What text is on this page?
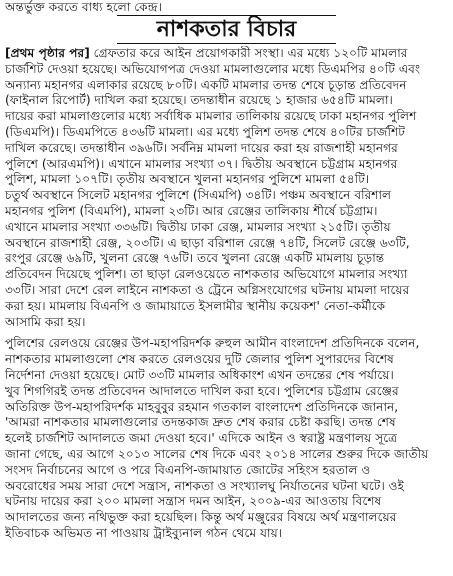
অন্তর্ভুক্ত করতে বাধ্য হলো কেন্দ্র।
নাশকতার বিচার
[প্রথম পৃষ্ঠার পর] গ্রেফতার করে আইন প্রয়োগকারী সংস্থা। এর মধ্যে ১২০টি মামলার
চার্জশিট দেওয়া হয়েছে। অভিযোগপত্র দেওয়া মামলাগুলোর মধ্যে ডিএমপির ৪০টি এবং
অন্যান্য মহানগর এলাকার রয়েছে ৮০টি। একটি মামলার তদন্ত শেষে চূড়ান্ত প্রতিবেদন
(ফাইনাল রিপোর্ট) দাখিল করা হয়েছে। তদন্তাধীন রয়েছে ১ হাজার ৬৫৪টি মামলা।
দায়ের করা মামলাগুলোর মধ্যে সর্বাধিক মামলার তালিকায় রয়েছে ঢাকা মহানগর পুলিশ
(ডিএমপি)। ডিএমপিতে ৪৩৬টি মামলা। এর মধ্যে পুলিশ তদন্ত শেষে ৪০টির চার্জশিট
দাখিল করেছে। তদন্তাধীন ৩৯৬টি। সর্বনিম্ন মামলা দায়ের করা হয় রাজশাহী মহানগর
পুলিশে (আরএমপি)। এখানে মামলার সংখ্যা ৩৭। দ্বিতীয় অবস্থানে চট্টগ্রাম মহানগর
পুলিশ, মামলা ১০৭টি। তৃতীয় অবস্থানে খুলনা মহানগর পুলিশে মামলা ৫৪টি।
চতুর্থ অবস্থানে সিলেট মহানগর পুলিশে (সিএমপি) ৩৪টি। পঞ্চম অবস্থানে বরিশাল
মহানগর পুলিশ (বিএমপি), মামলা ২৩টি। আর রেঞ্জের তালিকায় শীর্ষে চট্টগ্রাম।
এখানে মামলার সংখ্যা ৩৩৬টি। দ্বিতীয় ঢাকা রেঞ্জ, মামলার সংখ্যা ২১৫টি। তৃতীয়
অবস্থানে রাজশাহী রেঞ্জ, ২০৩টি। এ ছাড়া বরিশাল রেঞ্জে ৭৪টি, সিলেট রেঞ্জে ৬৩টি,
রংপুর রেঞ্জে ৬৯টি, খুলনা রেঞ্জে ৭৬টি। তবে খুলনা রেঞ্জে একটি মামলায় চূড়ান্ত
প্রতিবেদন দিয়েছে পুলিশ। তা ছাড়া রেলওয়েতে নাশকতার অভিযোগে মামলার সংখ্যা
৩৩টি। সারা দেশে রেল লাইনে নাশকতা ও ট্রেনে অগ্নিসংযোগের ঘটনায় মামলা দায়ের
করা হয়। মামলায় বিএনপি ও জামায়াতে ইসলামীর স্থানীয় কয়েকশ' নেতা-কর্মীকে
আসামি করা হয়।
পুলিশের রেলওয়ে রেঞ্জের উপ-মহাপরিদর্শক রুহুল আমীন বাংলাদেশ প্রতিদিনকে বলেন,
নাশকতার মামলাগুলো শেষ করতে রেলওয়ের দুটি জেলার পুলিশ সুপারদের বিশেষ
নির্দেশনা দেওয়া হয়েছে। মোট ৩৩টি মামলার অধিকাংশ এখন তদন্তের শেষ পর্যায়ে।
খুব শিগগিরই তদন্ত প্রতিবেদন আদালতে দাখিল করা হবে। পুলিশের চট্টগ্রাম রেঞ্জের
অতিরিক্ত উপ-মহাপরিদর্শক মাহবুবুর রহমান গতকাল বাংলাদেশ প্রতিদিনকে জানান,
'আমরা নাশকতার মামলাগুলোর তদন্তকাজ দ্রুত শেষ করার চেষ্টা করছি। তদন্ত শেষ
হলেই চার্জশিট আদালতে জমা দেওয়া হবে।' এদিকে আইন ও স্বরাষ্ট্র মন্ত্রণালয় সূত্রে
জানা গেছে, এর আগে ২০১৩ সালের শেষ দিকে এবং ২০১৪ সালের শুরুর দিকে জাতীয়
সংসদ নির্বাচনের আগে ও পরে বিএনপি-জামায়াত জোটের সহিংস হরতাল ও
অবরোধের সময় সারা দেশে সন্ত্রাস, নাশকতা ও সংখ্যালঘু নির্যাতনের ঘটনা ঘটে। ওই
ঘটনায় দায়ের করা ২০০ মামলা সন্ত্রাস দমন আইন, ২০০৯-এর আওতায় বিশেষ
আদালতের জন্য নথিভুক্ত করা হয়েছিল। কিন্তু অর্থ মঞ্জুরের বিষয়ে অর্থ মন্ত্রণালয়ের
ইতিবাচক অভিমত না পাওয়ায় ট্রাইব্যুনাল গঠন থেমে যায়।
